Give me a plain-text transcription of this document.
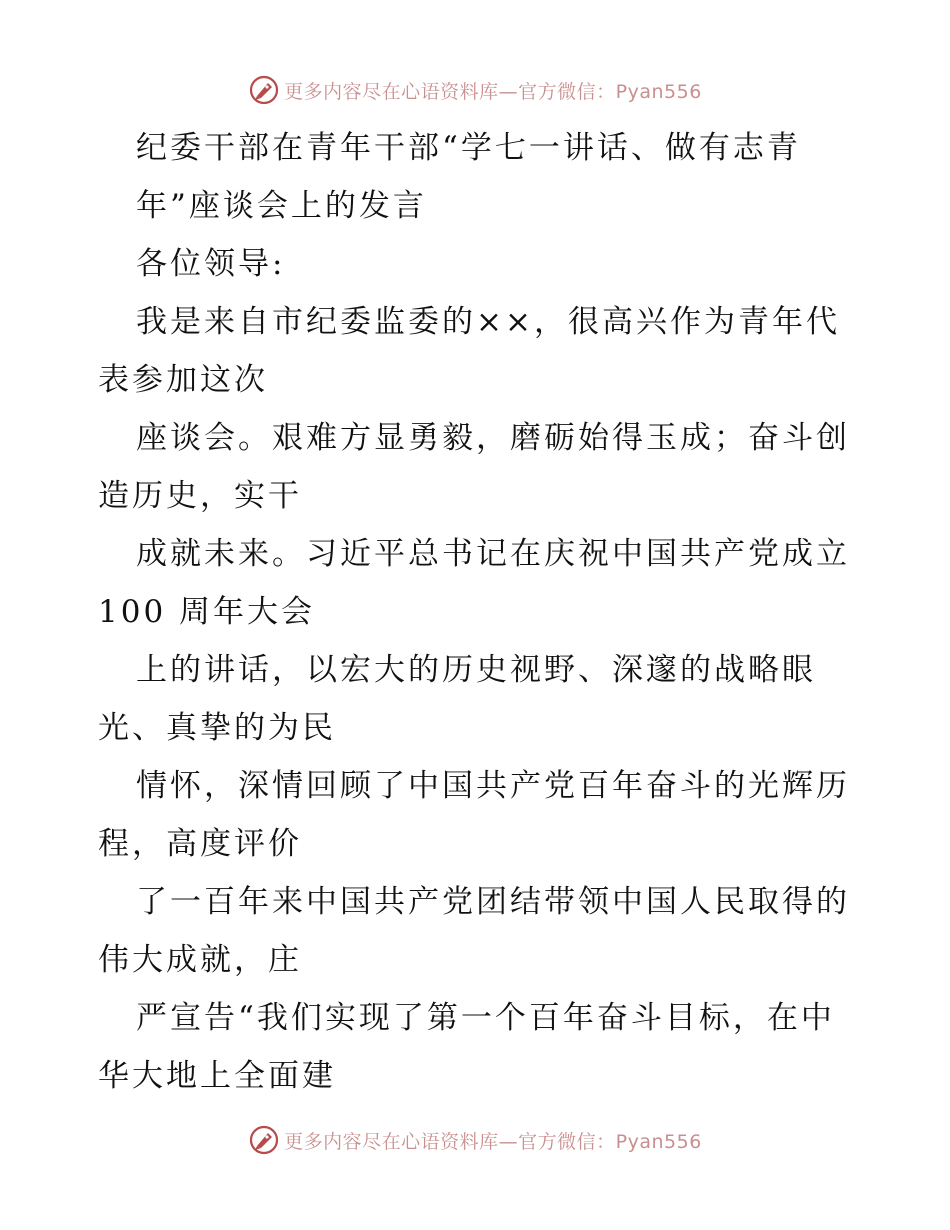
更多内容尽在心语资料库—官方微信：Pyan556
纪委干部在青年干部“学七一讲话、做有志青
年”座谈会上的发言
各位领导:
我是来自市纪委监委的××，很高兴作为青年代
表参加这次
座谈会。艰难方显勇毅，磨砺始得玉成；奋斗创
造历史，实干
成就未来。习近平总书记在庆祝中国共产党成立
100 周年大会
上的讲话，以宏大的历史视野、深邃的战略眼
光、真挚的为民
情怀，深情回顾了中国共产党百年奋斗的光辉历
程，高度评价
了一百年来中国共产党团结带领中国人民取得的
伟大成就，庄
严宣告“我们实现了第一个百年奋斗目标，在中
华大地上全面建
更多内容尽在心语资料库—官方微信：Pyan556
